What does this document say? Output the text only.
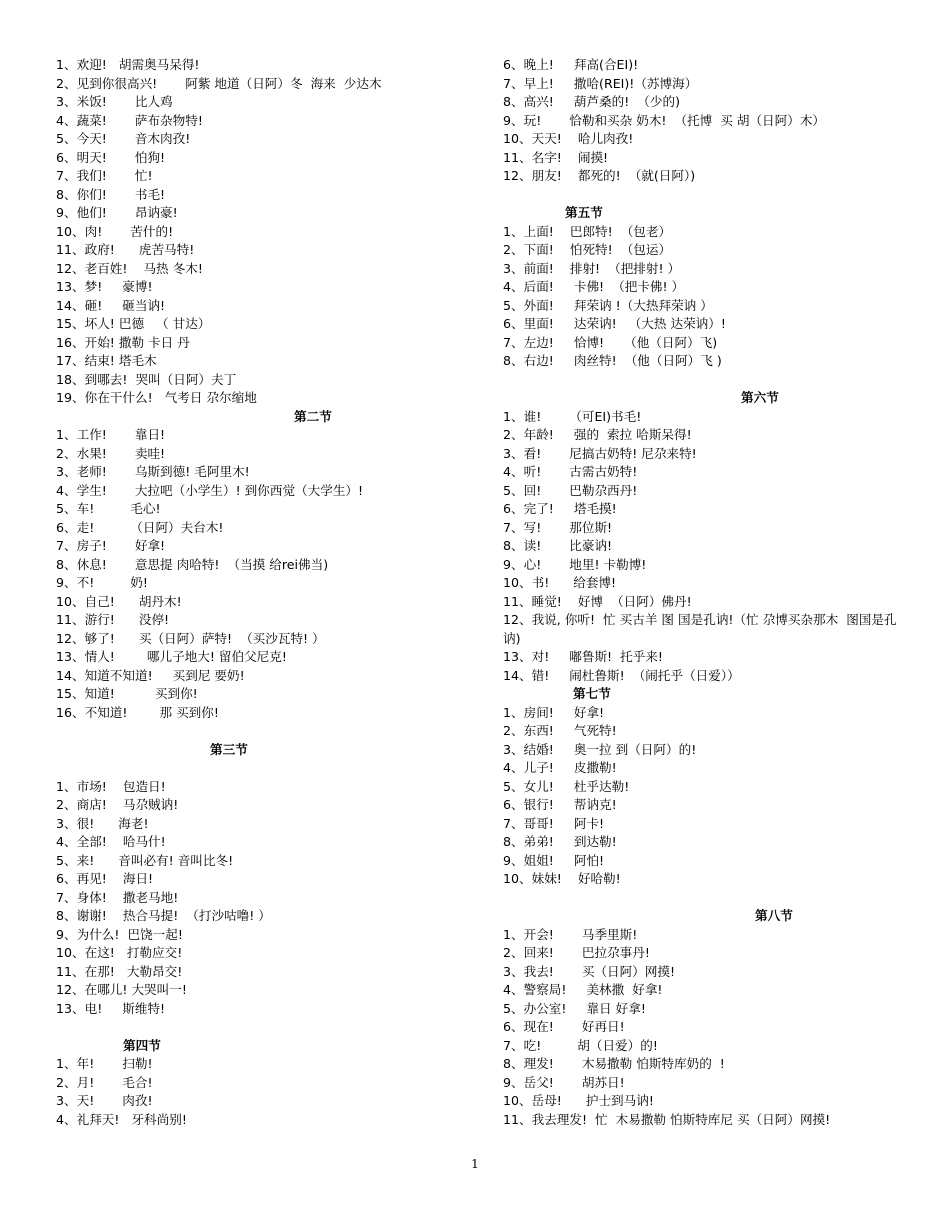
1、欢迎!   胡需奥马呆得!
2、见到你很高兴!       阿紫 地道（日阿）冬  海来  少达木
3、米饭!       比人鸡
4、蔬菜!       萨布杂物特!
5、今天!       音木肉孜!
6、明天!       怕狗!
7、我们!       忙!
8、你们!       书毛!
9、他们!       昂讷豪!
10、肉!       苦什的!
11、政府!      虎苦马特!
12、老百姓!    马热 冬木!
13、梦!     豪博!
14、砸!     砸当讷!
15、坏人! 巴德   （ 甘达）
16、开始! 撒勒 卡日 丹
17、结束! 塔毛木
18、到哪去!  哭叫（日阿）夫丁
19、你在干什么!   气考日 尕尔缩地
第二节
1、工作!       靠日!
2、水果!       卖哇!
3、老师!       乌斯到德! 毛阿里木!
4、学生!       大拉吧（小学生）! 到你西觉（大学生）!
5、车!         毛心!
6、走!         （日阿）夫台木!
7、房子!       好拿!
8、休息!       意思提 肉哈特!  （当摸 给rei佛当)
9、不!         奶!
10、自己!      胡丹木!
11、游行!      没停!
12、够了!      买（日阿）萨特!  （买沙瓦特! ）
13、情人!        哪儿子地大! 留伯父尼克!
14、知道不知道!     买到尼 要奶!
15、知道!          买到你!
16、不知道!        那 买到你!
第三节
1、市场!    包造日!
2、商店!    马尕贼讷!
3、很!      海老!
4、全部!    哈马什!
5、来!      音叫必有! 音叫比冬!
6、再见!    海日!
7、身体!    撒老马地!
8、谢谢!    热合马提!  （打沙咕噜! ）
9、为什么!  巴饶一起!
10、在这!   打勒应交!
11、在那!   大勒昂交!
12、在哪儿! 大哭叫一!
13、电!     斯维特!
第四节
1、年!       扫勒!
2、月!       毛合!
3、天!       肉孜!
4、礼拜天!   牙科尚别!
6、晚上!     拜高(合EI)!
7、早上!     撒哈(REI)!（苏博海）
8、高兴!     葫芦桑的!  （少的)
9、玩!       恰勒和买杂 奶木!  （托博  买 胡（日阿）木）
10、天天!    哈儿肉孜!
11、名字!    闹摸!
12、朋友!    都死的!  （就(日阿）)
第五节
1、上面!    巴郎特!  （包老）
2、下面!    怕死特!  （包运）
3、前面!    排射!  （把排射! ）
4、后面!     卡佛!  （把卡佛! ）
5、外面!     拜荣讷 !（大热拜荣讷 ）
6、里面!     达荣讷!   （大热 达荣讷）!
7、左边!     恰博!     （他（日阿）飞)
8、右边!     肉丝特!  （他（日阿）飞 )
第六节
1、谁!       （可EI)书毛!
2、年龄!     强的  索拉 哈斯呆得!
3、看!       尼搞古奶特! 尼尕来特!
4、听!       古需古奶特!
5、回!       巴勒尕西丹!
6、完了!     塔毛摸!
7、写!       那位斯!
8、读!       比豪讷!
9、心!       地里! 卡勒博!
10、书!      给套博!
11、睡觉!    好博  （日阿）佛丹!
12、我说, 你听!  忙 买古羊 图 国是孔讷!（忙 尕博买杂那木  图国是孔讷)
13、对!     嘟鲁斯!  托乎来!
14、错!     闹杜鲁斯!  （闹托乎（日爱））
第七节
1、房间!     好拿!
2、东西!     气死特!
3、结婚!     奥一拉 到（日阿）的!
4、儿子!     皮撒勒!
5、女儿!     杜乎达勒!
6、银行!     帮讷克!
7、哥哥!     阿卡!
8、弟弟!     到达勒!
9、姐姐!     阿怕!
10、妹妹!    好哈勒!
第八节
1、开会!       马季里斯!
2、回来!       巴拉尕事丹!
3、我去!       买（日阿）网摸!
4、警察局!     美林撒  好拿!
5、办公室!     靠日 好拿!
6、现在!       好再日!
7、吃!         胡（日爱）的!
8、理发!       木易撒勒 怕斯特库奶的  !
9、岳父!       胡苏日!
10、岳母!      护士到马讷!
11、我去理发!  忙  木易撒勒 怕斯特库尼 买（日阿）网摸!
1
